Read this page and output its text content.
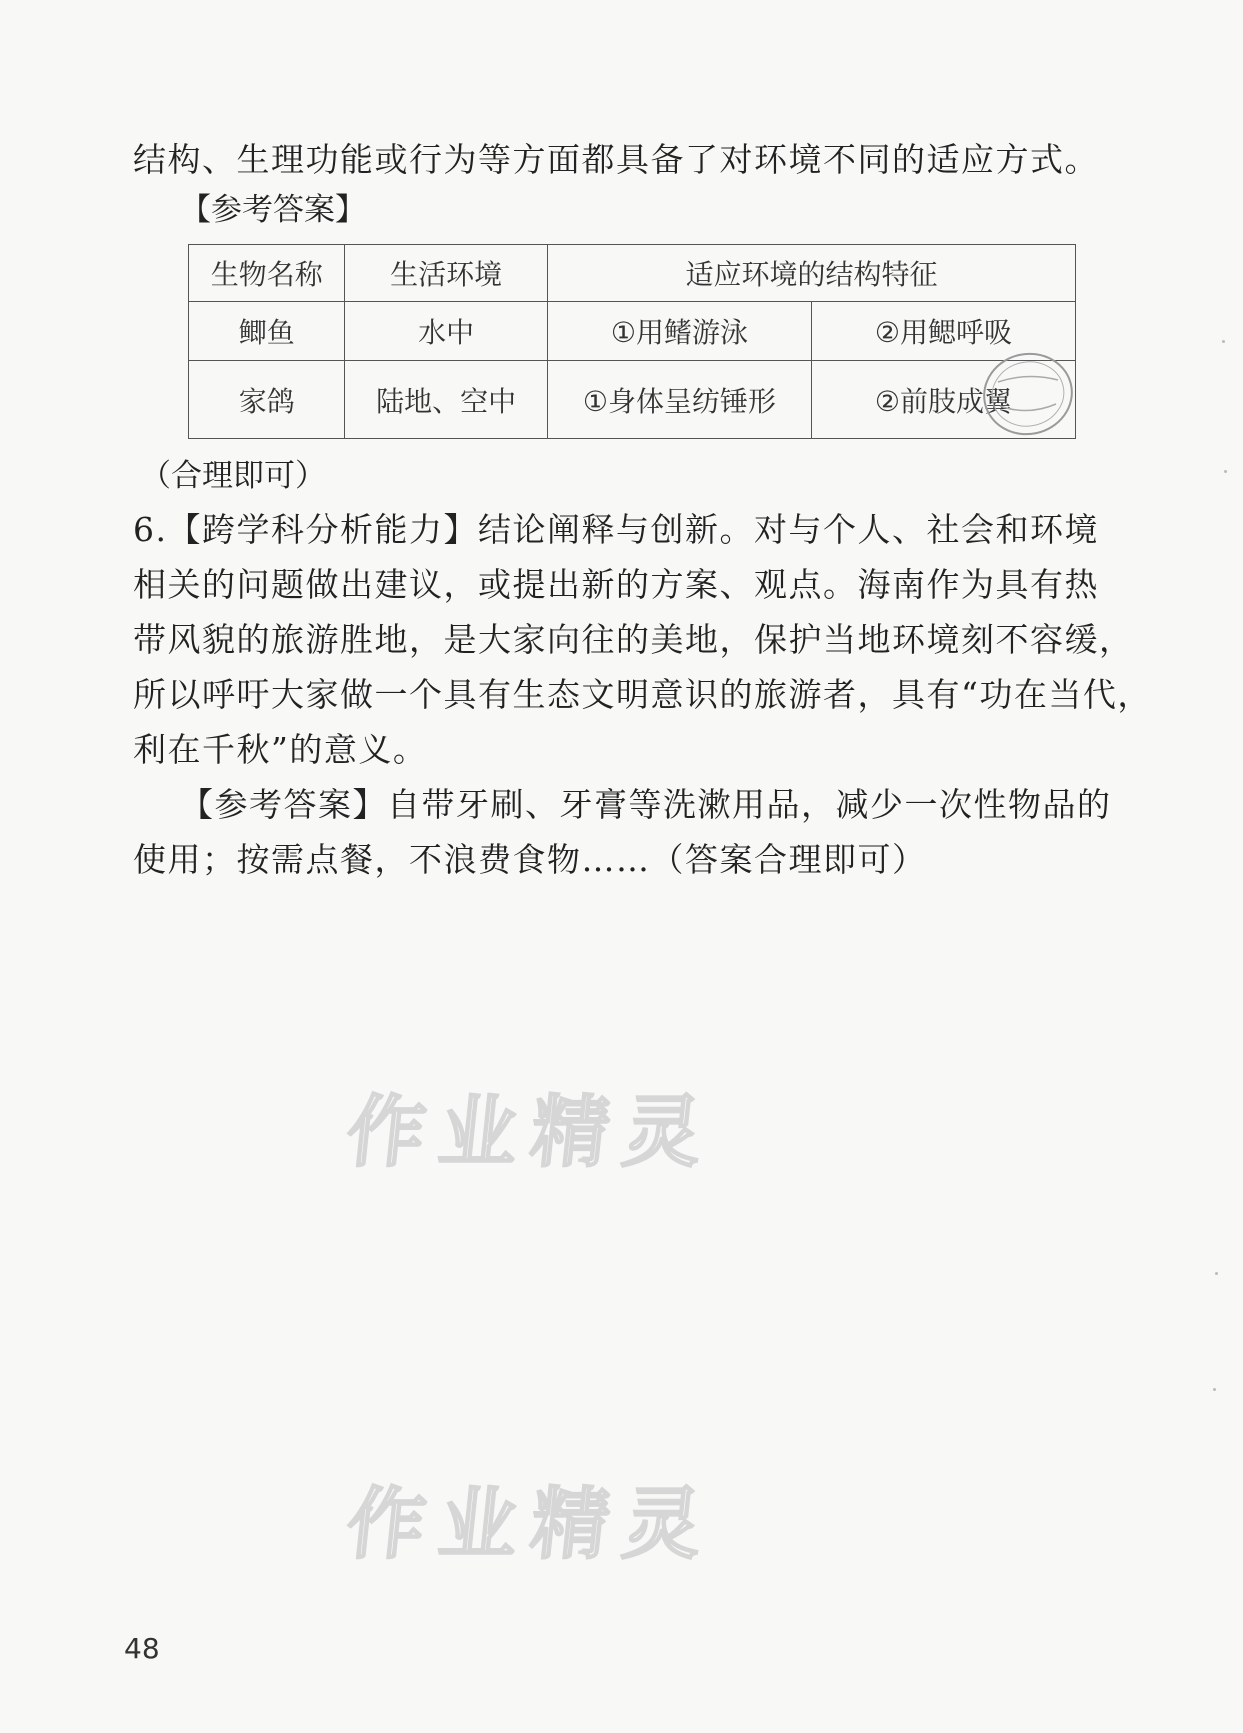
结构、生理功能或行为等方面都具备了对环境不同的适应方式。
【参考答案】
生物名称	生活环境	适应环境的结构特征	
鲫鱼	水中	①用鳍游泳	②用鳃呼吸
家鸽	陆地、空中	①身体呈纺锤形	②前肢成翼
（合理即可）
6.【跨学科分析能力】结论阐释与创新。对与个人、社会和环境
相关的问题做出建议，或提出新的方案、观点。海南作为具有热
带风貌的旅游胜地，是大家向往的美地，保护当地环境刻不容缓，
所以呼吁大家做一个具有生态文明意识的旅游者，具有“功在当代，
利在千秋”的意义。
【参考答案】自带牙刷、牙膏等洗漱用品，减少一次性物品的
使用；按需点餐，不浪费食物……（答案合理即可）
作业精灵
作业精灵
48
